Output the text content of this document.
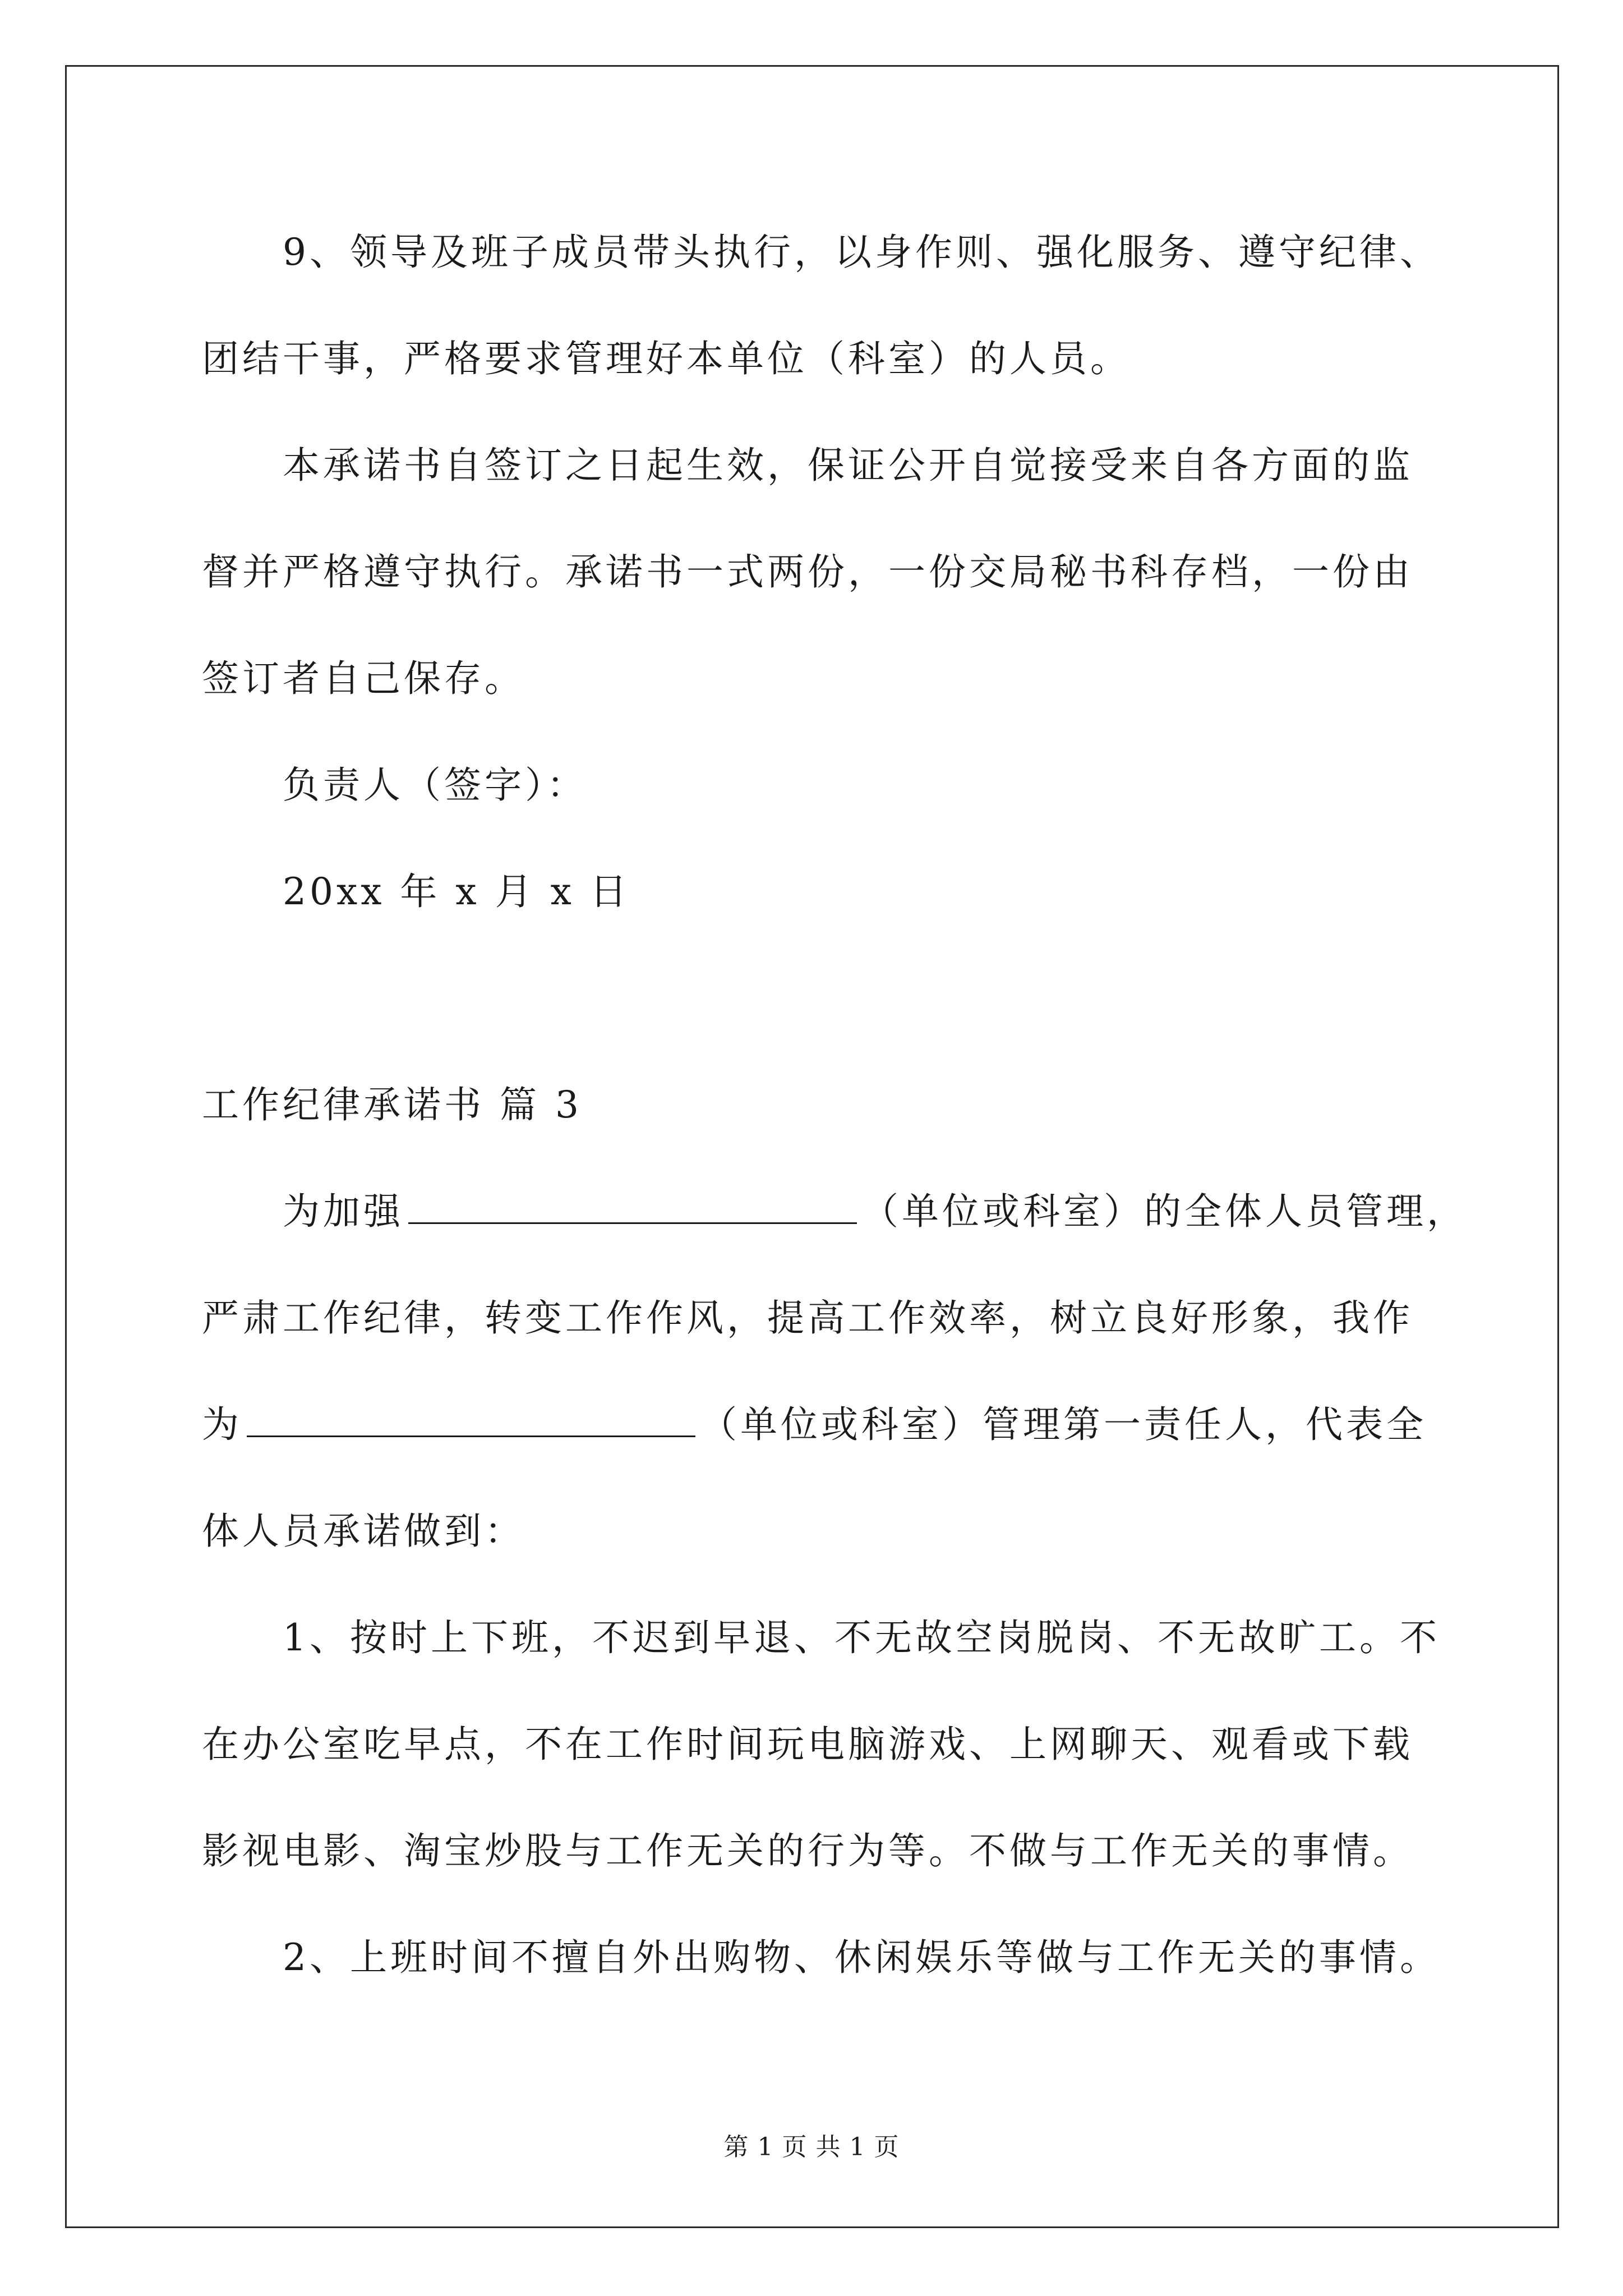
9、领导及班子成员带头执行，以身作则、强化服务、遵守纪律、
团结干事，严格要求管理好本单位（科室）的人员。
本承诺书自签订之日起生效，保证公开自觉接受来自各方面的监
督并严格遵守执行。承诺书一式两份，一份交局秘书科存档，一份由
签订者自己保存。
负责人（签字）：
20xx 年 x 月 x 日
工作纪律承诺书 篇 3
为加强	（单位或科室）的全体人员管理，
严肃工作纪律，转变工作作风，提高工作效率，树立良好形象，我作
为	（单位或科室）管理第一责任人，代表全
体人员承诺做到：
1、按时上下班，不迟到早退、不无故空岗脱岗、不无故旷工。不
在办公室吃早点，不在工作时间玩电脑游戏、上网聊天、观看或下载
影视电影、淘宝炒股与工作无关的行为等。不做与工作无关的事情。
2、上班时间不擅自外出购物、休闲娱乐等做与工作无关的事情。
第 1 页 共 1 页
